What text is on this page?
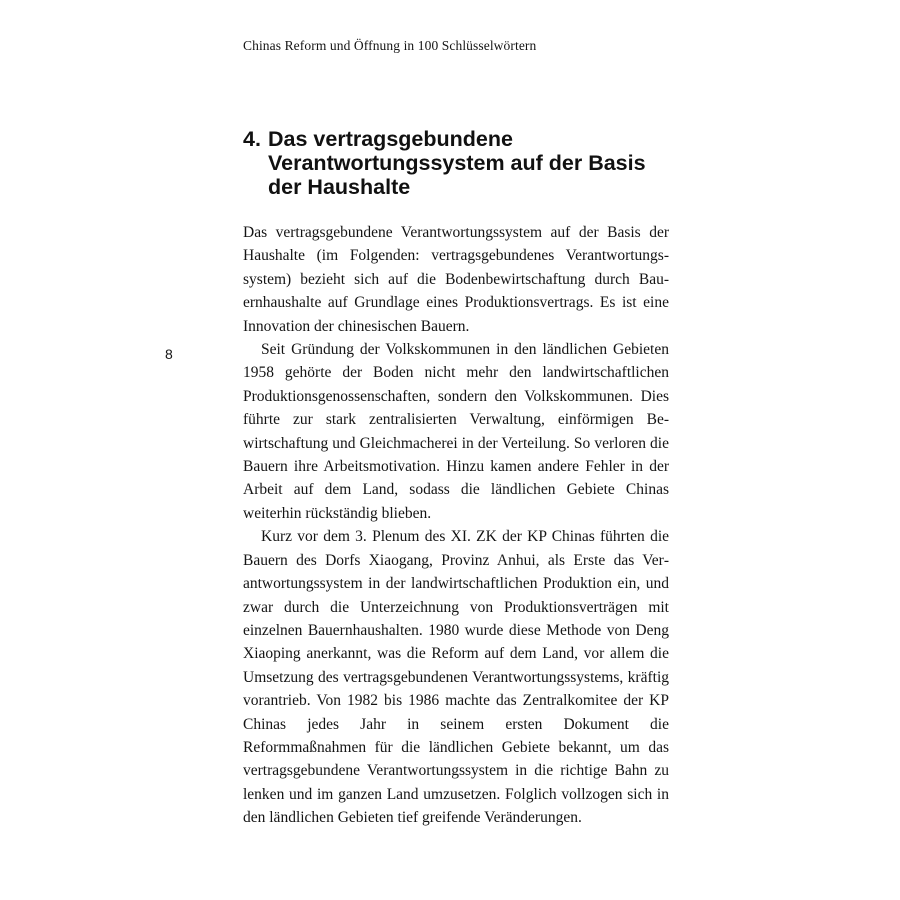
Chinas Reform und Öffnung in 100 Schlüsselwörtern
4. Das vertragsgebundene Verantwortungssystem auf der Basis der Haushalte
8

Das vertragsgebundene Verantwortungssystem auf der Basis der Haushalte (im Folgenden: vertragsgebundenes Verantwortungssystem) bezieht sich auf die Bodenbewirtschaftung durch Bauernhaushalte auf Grundlage eines Produktionsvertrags. Es ist eine Innovation der chinesischen Bauern.

Seit Gründung der Volkskommunen in den ländlichen Gebieten 1958 gehörte der Boden nicht mehr den landwirtschaftlichen Produktionsgenossenschaften, sondern den Volkskommunen. Dies führte zur stark zentralisierten Verwaltung, einförmigen Bewirtschaftung und Gleichmacherei in der Verteilung. So verloren die Bauern ihre Arbeitsmotivation. Hinzu kamen andere Fehler in der Arbeit auf dem Land, sodass die ländlichen Gebiete Chinas weiterhin rückständig blieben.

Kurz vor dem 3. Plenum des XI. ZK der KP Chinas führten die Bauern des Dorfs Xiaogang, Provinz Anhui, als Erste das Verantwortungssystem in der landwirtschaftlichen Produktion ein, und zwar durch die Unterzeichnung von Produktionsverträgen mit einzelnen Bauernhaushalten. 1980 wurde diese Methode von Deng Xiaoping anerkannt, was die Reform auf dem Land, vor allem die Umsetzung des vertragsgebundenen Verantwortungssystems, kräftig vorantrieb. Von 1982 bis 1986 machte das Zentralkomitee der KP Chinas jedes Jahr in seinem ersten Dokument die Reformmaßnahmen für die ländlichen Gebiete bekannt, um das vertragsgebundene Verantwortungssystem in die richtige Bahn zu lenken und im ganzen Land umzusetzen. Folglich vollzogen sich in den ländlichen Gebieten tief greifende Veränderungen.
